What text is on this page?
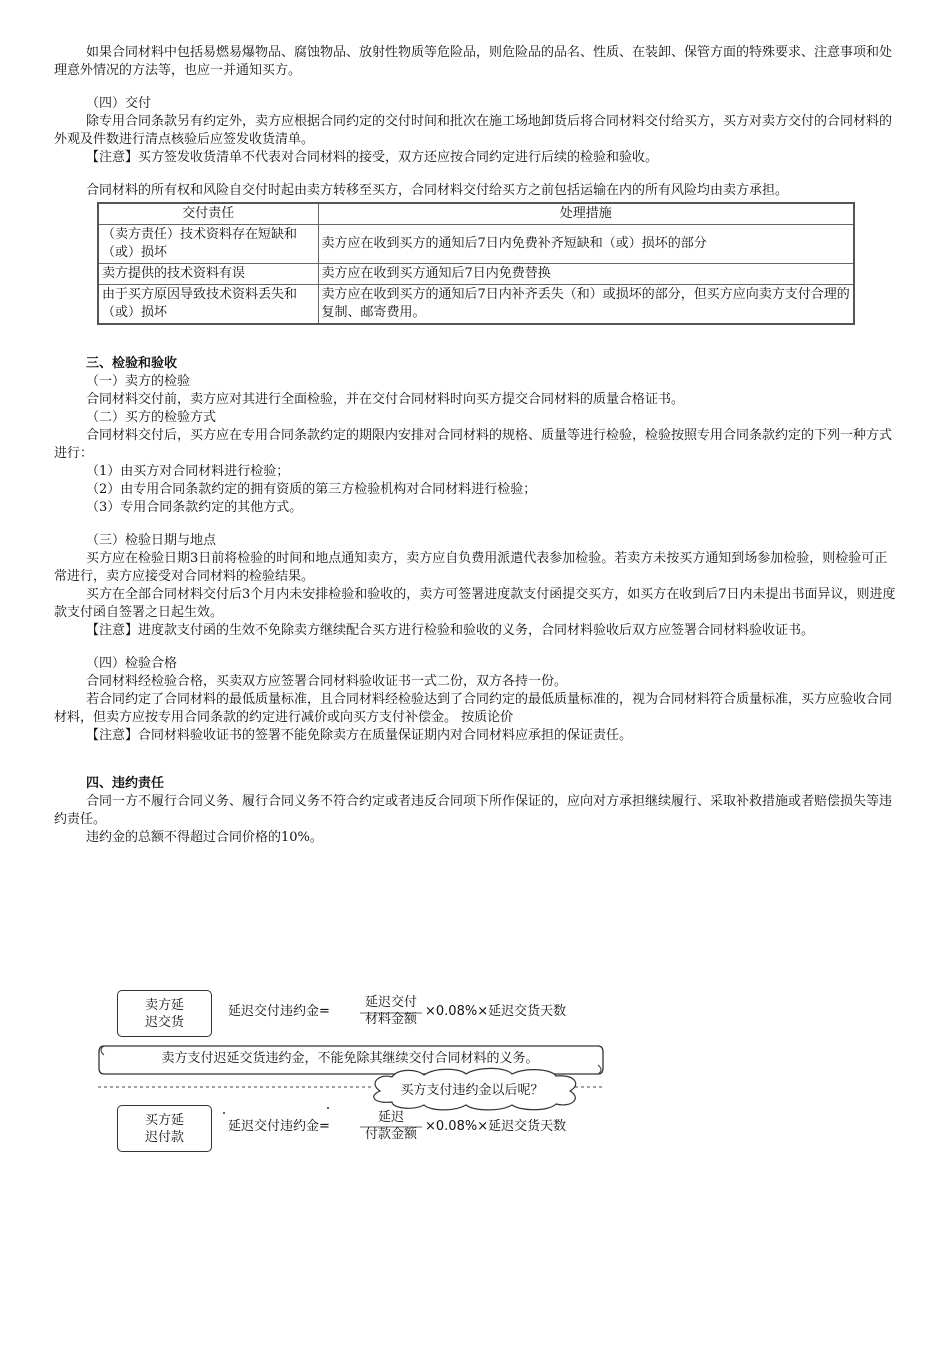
如果合同材料中包括易燃易爆物品、腐蚀物品、放射性物质等危险品，则危险品的品名、性质、在装卸、保管方面的特殊要求、注意事项和处理意外情况的方法等，也应一并通知买方。

（四）交付

除专用合同条款另有约定外，卖方应根据合同约定的交付时间和批次在施工场地卸货后将合同材料交付给买方，买方对卖方交付的合同材料的外观及件数进行清点核验后应签发收货清单。

【注意】买方签发收货清单不代表对合同材料的接受，双方还应按合同约定进行后续的检验和验收。

合同材料的所有权和风险自交付时起由卖方转移至买方，合同材料交付给买方之前包括运输在内的所有风险均由卖方承担。

交付责任	处理措施
（卖方责任）技术资料存在短缺和（或）损坏	卖方应在收到买方的通知后7日内免费补齐短缺和（或）损坏的部分
卖方提供的技术资料有误	卖方应在收到买方通知后7日内免费替换
由于买方原因导致技术资料丢失和（或）损坏	卖方应在收到买方的通知后7日内补齐丢失（和）或损坏的部分，但买方应向卖方支付合理的复制、邮寄费用。

三、检验和验收

（一）卖方的检验

合同材料交付前，卖方应对其进行全面检验，并在交付合同材料时向买方提交合同材料的质量合格证书。

（二）买方的检验方式

合同材料交付后，买方应在专用合同条款约定的期限内安排对合同材料的规格、质量等进行检验，检验按照专用合同条款约定的下列一种方式进行：

（1）由买方对合同材料进行检验；

（2）由专用合同条款约定的拥有资质的第三方检验机构对合同材料进行检验；

（3）专用合同条款约定的其他方式。

（三）检验日期与地点

买方应在检验日期3日前将检验的时间和地点通知卖方，卖方应自负费用派遣代表参加检验。若卖方未按买方通知到场参加检验，则检验可正常进行，卖方应接受对合同材料的检验结果。

买方在全部合同材料交付后3个月内未安排检验和验收的，卖方可签署进度款支付函提交买方，如买方在收到后7日内未提出书面异议，则进度款支付函自签署之日起生效。

【注意】进度款支付函的生效不免除卖方继续配合买方进行检验和验收的义务，合同材料验收后双方应签署合同材料验收证书。

（四）检验合格

合同材料经检验合格，买卖双方应签署合同材料验收证书一式二份，双方各持一份。

若合同约定了合同材料的最低质量标准，且合同材料经检验达到了合同约定的最低质量标准的，视为合同材料符合质量标准，买方应验收合同材料，但卖方应按专用合同条款的约定进行减价或向买方支付补偿金。 按质论价

【注意】合同材料验收证书的签署不能免除卖方在质量保证期内对合同材料应承担的保证责任。

四、违约责任

合同一方不履行合同义务、履行合同义务不符合约定或者违反合同项下所作保证的，应向对方承担继续履行、采取补救措施或者赔偿损失等违约责任。

违约金的总额不得超过合同价格的10%。

卖方延
迟交货
延迟交付违约金=
延迟交付
材料金额
×0.08%×延迟交货天数
卖方支付迟延交货违约金，不能免除其继续交付合同材料的义务。
买方支付违约金以后呢？
买方延
迟付款
延迟交付违约金=
延迟
付款金额
×0.08%×延迟交货天数
